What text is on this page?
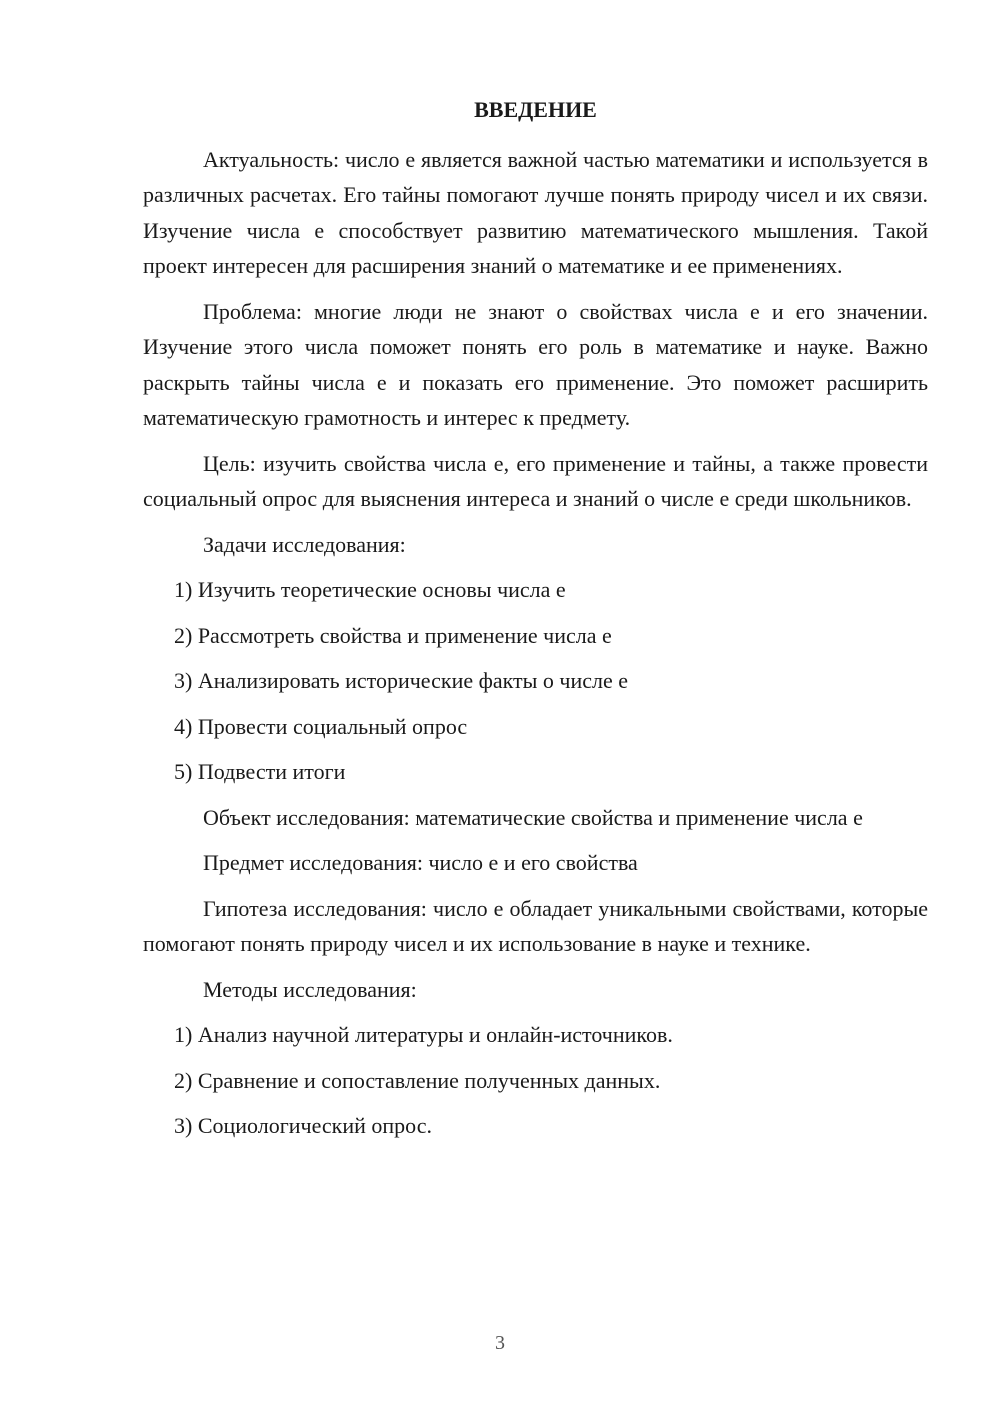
ВВЕДЕНИЕ

Актуальность: число е является важной частью математики и используется в различных расчетах. Его тайны помогают лучше понять природу чисел и их связи. Изучение числа е способствует развитию математического мышления. Такой проект интересен для расширения знаний о математике и ее применениях.

Проблема: многие люди не знают о свойствах числа е и его значении. Изучение этого числа поможет понять его роль в математике и науке. Важно раскрыть тайны числа е и показать его применение. Это поможет расширить математическую грамотность и интерес к предмету.

Цель: изучить свойства числа е, его применение и тайны, а также провести социальный опрос для выяснения интереса и знаний о числе е среди школьников.

Задачи исследования:

1) Изучить теоретические основы числа е

2) Рассмотреть свойства и применение числа е

3) Анализировать исторические факты о числе е

4) Провести социальный опрос

5) Подвести итоги

Объект исследования: математические свойства и применение числа е

Предмет исследования: число е и его свойства

Гипотеза исследования: число е обладает уникальными свойствами, которые помогают понять природу чисел и их использование в науке и технике.

Методы исследования:

1) Анализ научной литературы и онлайн-источников.

2) Сравнение и сопоставление полученных данных.

3) Социологический опрос.

3
